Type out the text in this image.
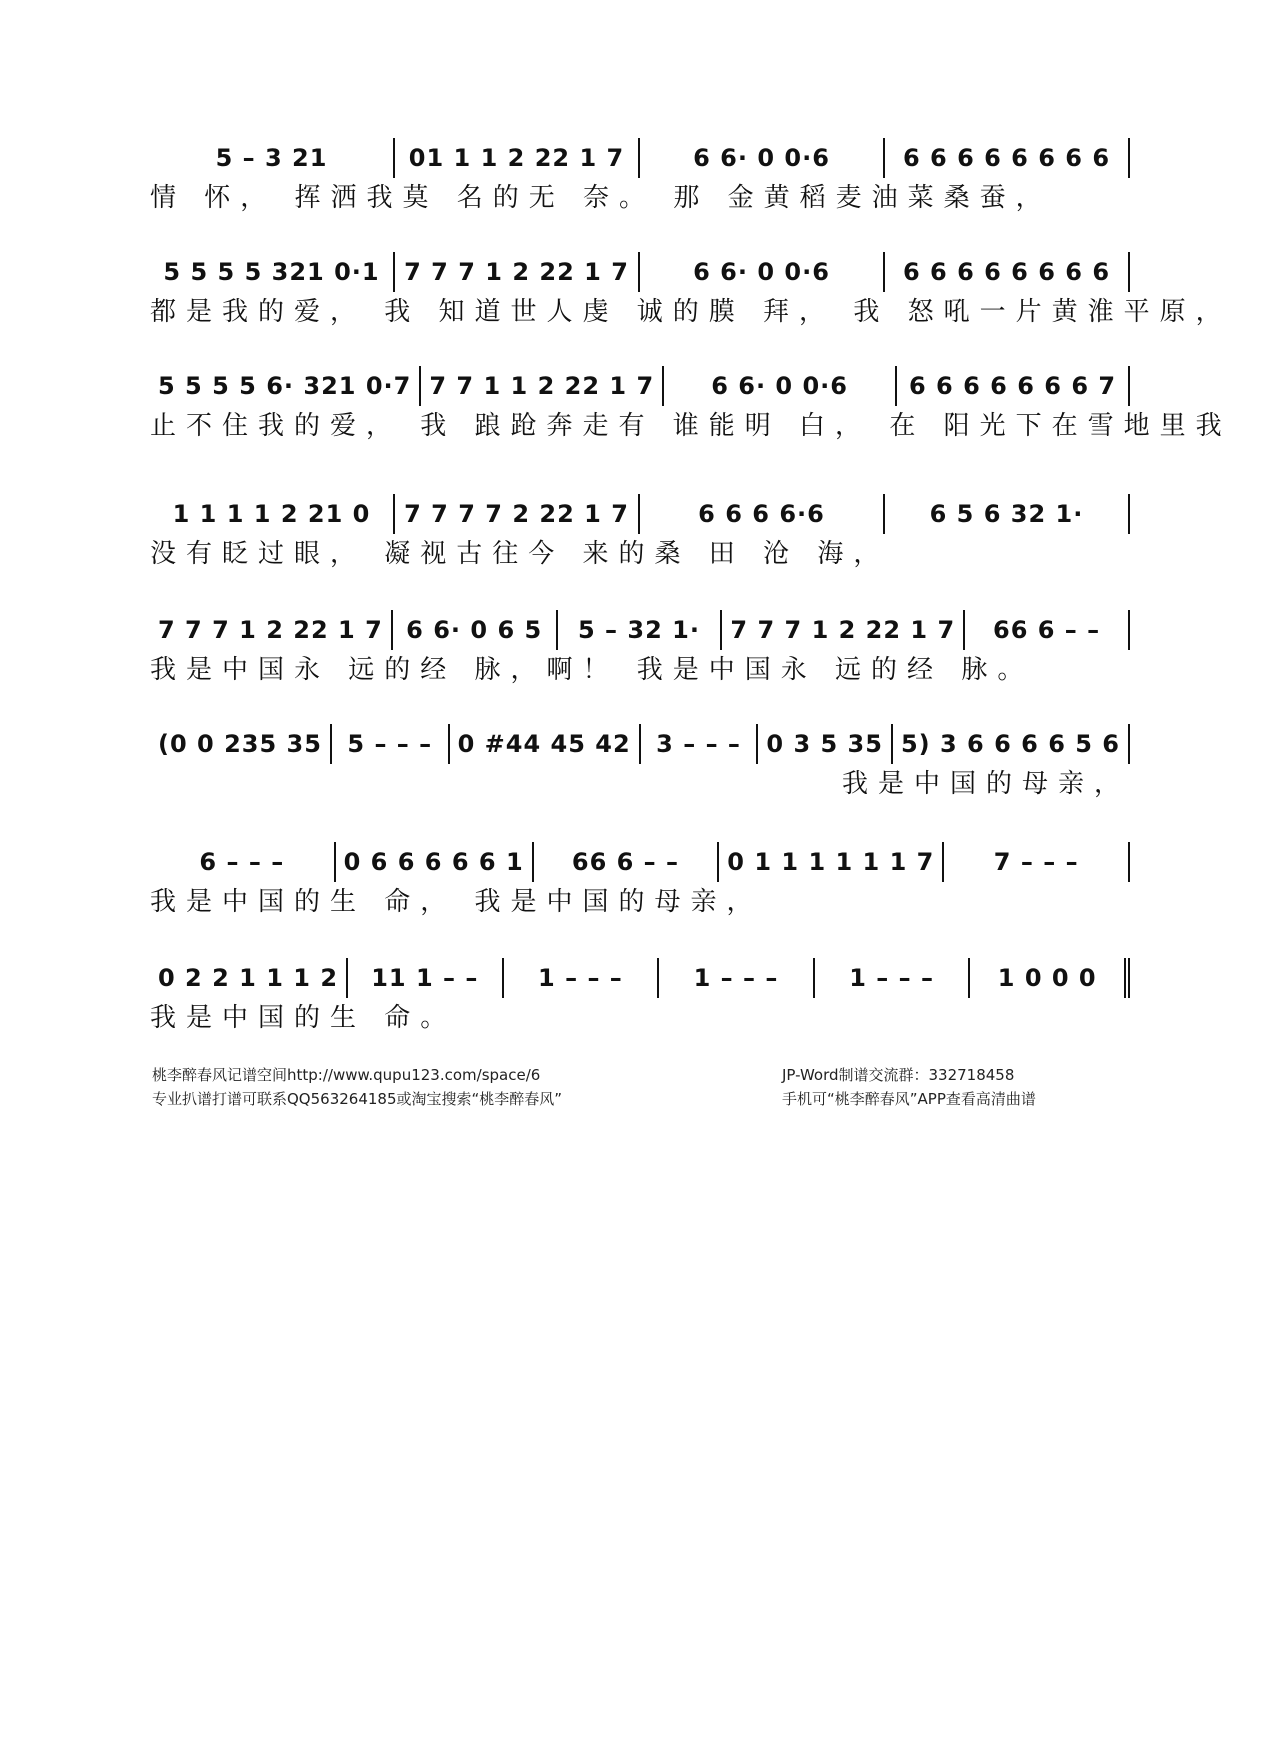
5 – 3 21	01 1 1 2 22 1 7	6 6· 0 0·6	6 6 6 6 6 6 6 6
情 怀， 挥洒我莫 名的无 奈。 那 金黄稻麦油菜桑蚕，
5 5 5 5 321 0·1	7 7 7 1 2 22 1 7	6 6· 0 0·6	6 6 6 6 6 6 6 6
都是我的爱， 我 知道世人虔 诚的膜 拜， 我 怒吼一片黄淮平原，
5 5 5 5 6· 321 0·7 7 7 1 1 2 22 1 7	6 6· 0 0·6	6 6 6 6 6 6 6 7
止不住我的爱， 我 踉跄奔走有 谁能明 白， 在 阳光下在雪地里我
1 1 1 1 2 21 0	7 7 7 7 2 22 1 7	6 6 6 6·6	6 5 6 32 1·
没有眨过眼， 凝视古往今 来的桑 田 沧 海，
7 7 7 1 2 22 1 7 6 6· 0 6 5	5 – 32 1·	7 7 7 1 2 22 1 7	66 6 – –
我是中国永 远的经 脉，啊！ 我是中国永 远的经 脉。
(0 0 235 35	5 – – –	0 #44 45 42	3 – – –	0 3 5 35 5) 3 6 6 6 6 5 6
我是中国的母亲，
6 – – –	0 6 6 6 6 6 1	66 6 – –	0 1 1 1 1 1 1 7	7 – – –
我是中国的生 命， 我是中国的母亲，
0 2 2 1 1 1 2	11 1 – –	1 – – –	1 – – –	1 – – –	1 0 0 0
我是中国的生 命。
桃李醉春风记谱空间http://www.qupu123.com/space/6
专业扒谱打谱可联系QQ563264185或淘宝搜索“桃李醉春风”
JP-Word制谱交流群：332718458
手机可“桃李醉春风”APP查看高清曲谱
